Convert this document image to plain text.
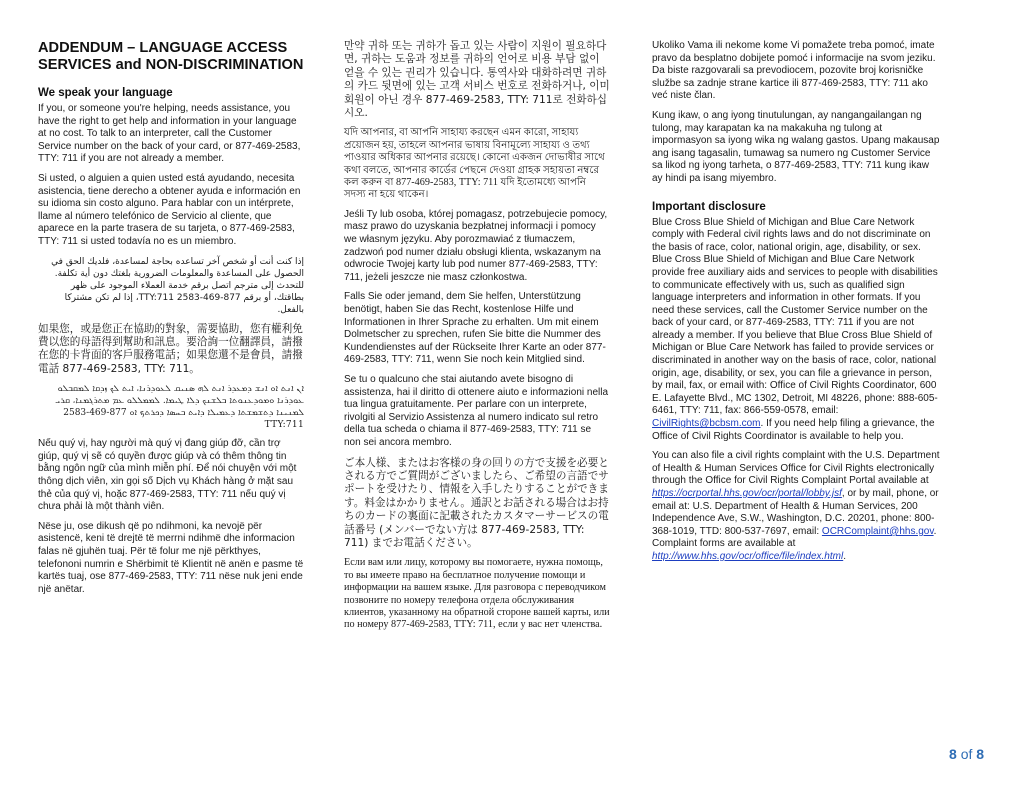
ADDENDUM – LANGUAGE ACCESS SERVICES and NON-DISCRIMINATION
We speak your language

If you, or someone you're helping, needs assistance, you have the right to get help and information in your language at no cost. To talk to an interpreter, call the Customer Service number on the back of your card, or 877-469-2583, TTY: 711 if you are not already a member.

Si usted, o alguien a quien usted está ayudando, necesita asistencia, tiene derecho a obtener ayuda e información en su idioma sin costo alguno. Para hablar con un intérprete, llame al número telefónico de Servicio al cliente, que aparece en la parte trasera de su tarjeta, o 877-469-2583, TTY: 711 si usted todavía no es un miembro.

إذا كنت أنت أو شخص آخر تساعده بحاجة لمساعدة، فلديك الحق في الحصول على المساعدة والمعلومات الضرورية بلغتك دون أية تكلفة. للتحدث إلى مترجم اتصل برقم خدمة العملاء الموجود على ظهر بطاقتك، أو برقم 877-469-2583 TTY:711، إذا لم تكن مشتركا بالفعل.

如果您，或是您正在協助的對象，需要協助，您有權利免費以您的母語得到幫助和訊息。要洽詢一位翻譯員，請撥在您的卡背面的客戶服務電話；如果您還不是會員，請撥電話 877-469-2583, TTY: 711。

ܐܢ ܐܢܬ ܐܘ ܐܢܫ ܕܡܥܕܪ ܐܢܬ ܠܗ ܣܢܝܩ ܠܥܘܕܪܢܐ، ܐܝܬ ܠܟ ܙܕܩܐ ܠܡܩܒܠܘ ܥܘܕܪܢܐ ܘܡܘܕܥܢܘܬܐ ܒܠܫܢܟ ܕܠܐ ܛܝܡܐ. ܠܡܡܠܠܘ ܥܡ ܡܬܪܓܡܢܐ، ܩܪܝ ܠܡܢܝܢܐ ܕܬܫܡܫܬܐ ܕܥܡܝܠܐ ܕܐܝܬ ܒܚܣܐ ܕܟܪܬܟ ܐܘ 877-469-2583 TTY:711

Nếu quý vị, hay người mà quý vị đang giúp đỡ, cần trợ giúp, quý vị sẽ có quyền được giúp và có thêm thông tin bằng ngôn ngữ của mình miễn phí. Để nói chuyện với một thông dịch viên, xin gọi số Dịch vụ Khách hàng ở mặt sau thẻ của quý vị, hoặc 877-469-2583, TTY: 711 nếu quý vị chưa phải là một thành viên.

Nëse ju, ose dikush që po ndihmoni, ka nevojë për asistencë, keni të drejtë të merrni ndihmë dhe informacion falas në gjuhën tuaj. Për të folur me një përkthyes, telefononi numrin e Shërbimit të Klientit në anën e pasme të kartës tuaj, ose 877-469-2583, TTY: 711 nëse nuk jeni ende një anëtar.

만약 귀하 또는 귀하가 돕고 있는 사람이 지원이 필요하다면, 귀하는 도움과 정보를 귀하의 언어로 비용 부담 없이 얻을 수 있는 권리가 있습니다. 통역사와 대화하려면 귀하의 카드 뒷면에 있는 고객 서비스 번호로 전화하거나, 이미 회원이 아닌 경우 877-469-2583, TTY: 711로 전화하십시오.

যদি আপনার, বা আপনি সাহায্য করছেন এমন কারো, সাহায্য প্রয়োজন হয়, তাহলে আপনার ভাষায় বিনামূল্যে সাহায্য ও তথ্য পাওয়ার অধিকার আপনার রয়েছে। কোনো একজন দোভাষীর সাথে কথা বলতে, আপনার কার্ডের পেছনে দেওয়া গ্রাহক সহায়তা নম্বরে কল করুন বা 877-469-2583, TTY: 711 যদি ইতোমধ্যে আপনি সদস্য না হয়ে থাকেন।

Jeśli Ty lub osoba, której pomagasz, potrzebujecie pomocy, masz prawo do uzyskania bezpłatnej informacji i pomocy we własnym języku. Aby porozmawiać z tłumaczem, zadzwoń pod numer działu obsługi klienta, wskazanym na odwrocie Twojej karty lub pod numer 877-469-2583, TTY: 711, jeżeli jeszcze nie masz członkostwa.

Falls Sie oder jemand, dem Sie helfen, Unterstützung benötigt, haben Sie das Recht, kostenlose Hilfe und Informationen in Ihrer Sprache zu erhalten. Um mit einem Dolmetscher zu sprechen, rufen Sie bitte die Nummer des Kundendienstes auf der Rückseite Ihrer Karte an oder 877-469-2583, TTY: 711, wenn Sie noch kein Mitglied sind.

Se tu o qualcuno che stai aiutando avete bisogno di assistenza, hai il diritto di ottenere aiuto e informazioni nella tua lingua gratuitamente. Per parlare con un interprete, rivolgiti al Servizio Assistenza al numero indicato sul retro della tua scheda o chiama il 877-469-2583, TTY: 711 se non sei ancora membro.

ご本人様、またはお客様の身の回りの方で支援を必要とされる方でご質問がございましたら、ご希望の言語でサポートを受けたり、情報を入手したりすることができます。料金はかかりません。通訳とお話される場合はお持ちのカードの裏面に記載されたカスタマーサービスの電話番号 (メンバーでない方は 877-469-2583, TTY: 711) までお電話ください。

Если вам или лицу, которому вы помогаете, нужна помощь, то вы имеете право на бесплатное получение помощи и информации на вашем языке. Для разговора с переводчиком позвоните по номеру телефона отдела обслуживания клиентов, указанному на обратной стороне вашей карты, или по номеру 877-469-2583, TTY: 711, если у вас нет членства.

Ukoliko Vama ili nekome kome Vi pomažete treba pomoć, imate pravo da besplatno dobijete pomoć i informacije na svom jeziku. Da biste razgovarali sa prevodiocem, pozovite broj korisničke službe sa zadnje strane kartice ili 877-469-2583, TTY: 711 ako već niste član.

Kung ikaw, o ang iyong tinutulungan, ay nangangailangan ng tulong, may karapatan ka na makakuha ng tulong at impormasyon sa iyong wika ng walang gastos. Upang makausap ang isang tagasalin, tumawag sa numero ng Customer Service sa likod ng iyong tarheta, o 877-469-2583, TTY: 711 kung ikaw ay hindi pa isang miyembro.

Important disclosure

Blue Cross Blue Shield of Michigan and Blue Care Network comply with Federal civil rights laws and do not discriminate on the basis of race, color, national origin, age, disability, or sex. Blue Cross Blue Shield of Michigan and Blue Care Network provide free auxiliary aids and services to people with disabilities to communicate effectively with us, such as qualified sign language interpreters and information in other formats. If you need these services, call the Customer Service number on the back of your card, or 877-469-2583, TTY: 711 if you are not already a member. If you believe that Blue Cross Blue Shield of Michigan or Blue Care Network has failed to provide services or discriminated in another way on the basis of race, color, national origin, age, disability, or sex, you can file a grievance in person, by mail, fax, or email with: Office of Civil Rights Coordinator, 600 E. Lafayette Blvd., MC 1302, Detroit, MI 48226, phone: 888-605-6461, TTY: 711, fax: 866-559-0578, email: CivilRights@bcbsm.com. If you need help filing a grievance, the Office of Civil Rights Coordinator is available to help you.

You can also file a civil rights complaint with the U.S. Department of Health & Human Services Office for Civil Rights electronically through the Office for Civil Rights Complaint Portal available at https://ocrportal.hhs.gov/ocr/portal/lobby.jsf, or by mail, phone, or email at: U.S. Department of Health & Human Services, 200 Independence Ave, S.W., Washington, D.C. 20201, phone: 800-368-1019, TTD: 800-537-7697, email: OCRComplaint@hhs.gov. Complaint forms are available at http://www.hhs.gov/ocr/office/file/index.html.

8 of 8
